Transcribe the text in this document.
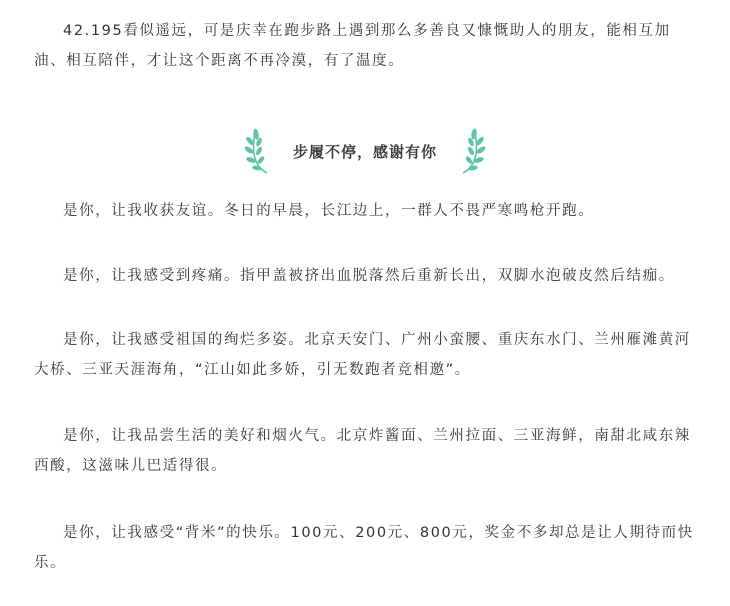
42.195看似遥远，可是庆幸在跑步路上遇到那么多善良又慷慨助人的朋友，能相互加油、相互陪伴，才让这个距离不再冷漠，有了温度。

步履不停，感谢有你

是你，让我收获友谊。冬日的早晨，长江边上，一群人不畏严寒鸣枪开跑。

是你，让我感受到疼痛。指甲盖被挤出血脱落然后重新长出，双脚水泡破皮然后结痂。

是你，让我感受祖国的绚烂多姿。北京天安门、广州小蛮腰、重庆东水门、兰州雁滩黄河大桥、三亚天涯海角，“江山如此多娇，引无数跑者竞相邀”。

是你，让我品尝生活的美好和烟火气。北京炸酱面、兰州拉面、三亚海鲜，南甜北咸东辣西酸，这滋味儿巴适得很。

是你，让我感受“背米”的快乐。100元、200元、800元，奖金不多却总是让人期待而快乐。
